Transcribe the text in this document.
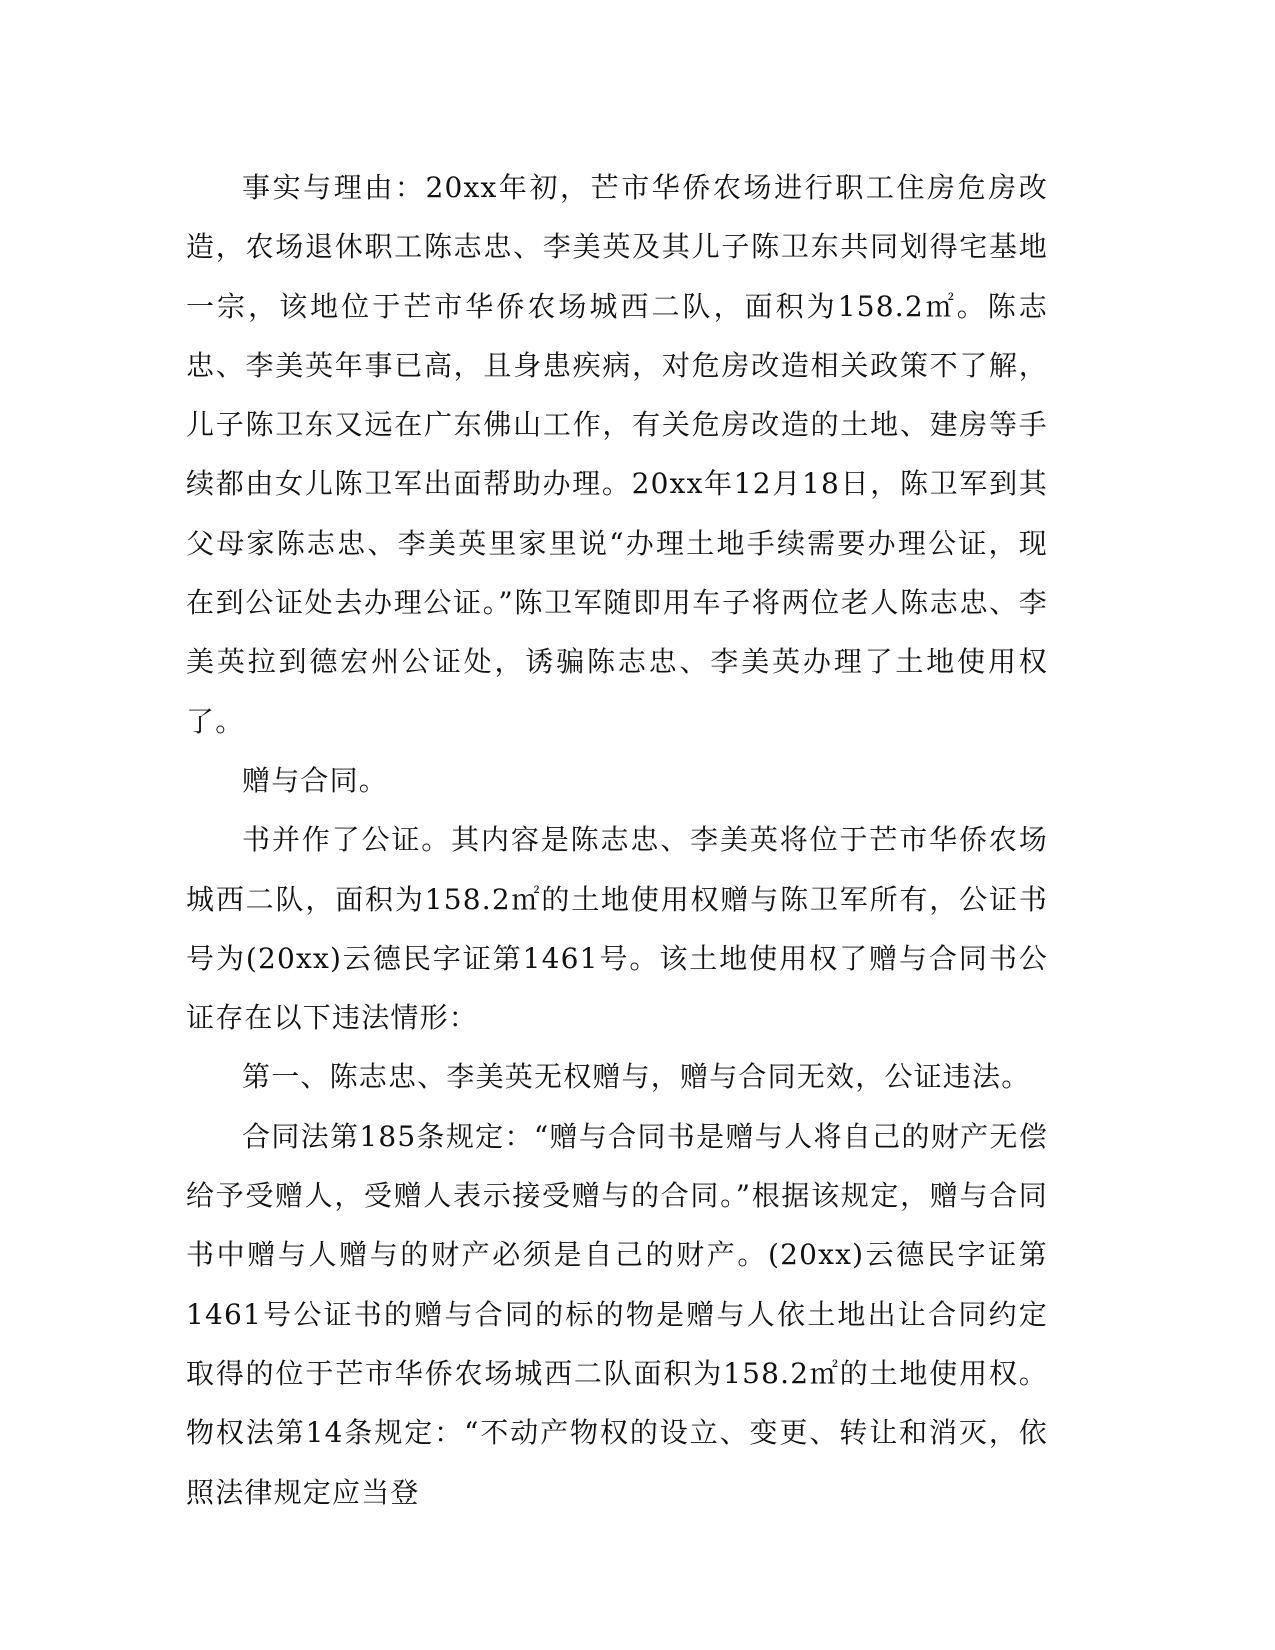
事实与理由：20xx年初，芒市华侨农场进行职工住房危房改造，农场退休职工陈志忠、李美英及其儿子陈卫东共同划得宅基地一宗，该地位于芒市华侨农场城西二队，面积为158.2㎡。陈志忠、李美英年事已高，且身患疾病，对危房改造相关政策不了解，儿子陈卫东又远在广东佛山工作，有关危房改造的土地、建房等手续都由女儿陈卫军出面帮助办理。20xx年12月18日，陈卫军到其父母家陈志忠、李美英里家里说“办理土地手续需要办理公证，现在到公证处去办理公证。”陈卫军随即用车子将两位老人陈志忠、李美英拉到德宏州公证处，诱骗陈志忠、李美英办理了土地使用权了。

赠与合同。

书并作了公证。其内容是陈志忠、李美英将位于芒市华侨农场城西二队，面积为158.2㎡的土地使用权赠与陈卫军所有，公证书号为(20xx)云德民字证第1461号。该土地使用权了赠与合同书公证存在以下违法情形：

第一、陈志忠、李美英无权赠与，赠与合同无效，公证违法。

合同法第185条规定：“赠与合同书是赠与人将自己的财产无偿给予受赠人，受赠人表示接受赠与的合同。”根据该规定，赠与合同书中赠与人赠与的财产必须是自己的财产。(20xx)云德民字证第1461号公证书的赠与合同的标的物是赠与人依土地出让合同约定取得的位于芒市华侨农场城西二队面积为158.2㎡的土地使用权。物权法第14条规定：“不动产物权的设立、变更、转让和消灭，依照法律规定应当登
